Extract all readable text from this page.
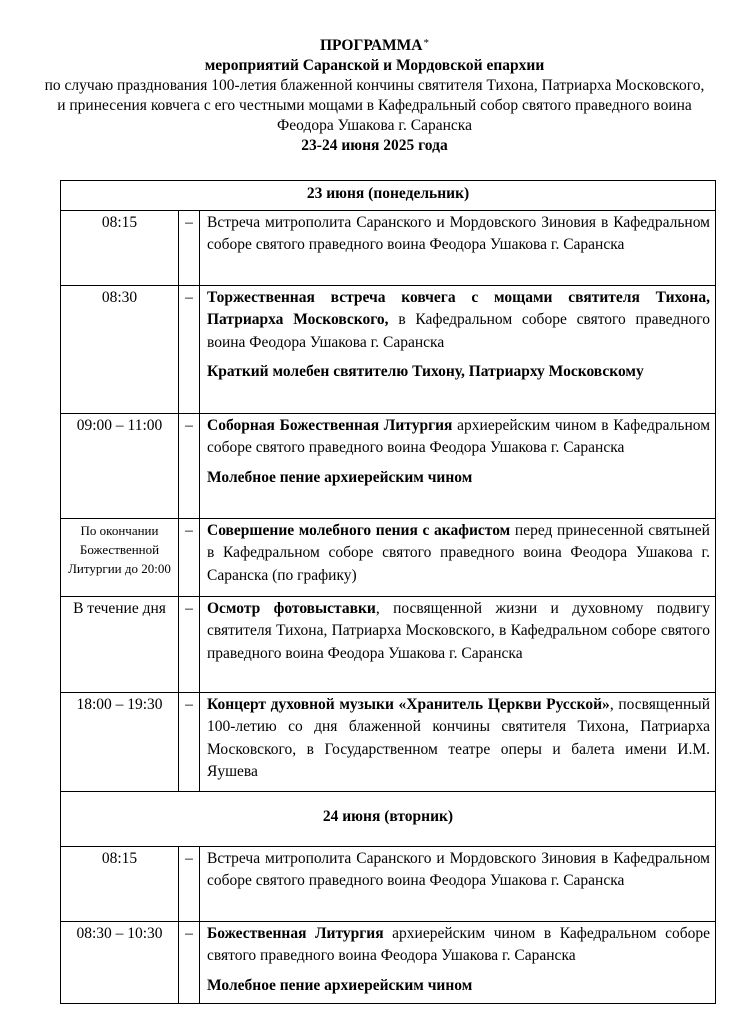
ПРОГРАММА*
мероприятий Саранской и Мордовской епархии
по случаю празднования 100-летия блаженной кончины святителя Тихона, Патриарха Московского, и принесения ковчега с его честными мощами в Кафедральный собор святого праведного воина Феодора Ушакова г. Саранска
23-24 июня 2025 года
23 июня (понедельник)		
08:15	–	Встреча митрополита Саранского и Мордовского Зиновия в Кафедральном соборе святого праведного воина Феодора Ушакова г. Саранска

08:30	–	Торжественная встреча ковчега с мощами святителя Тихона, Патриарха Московского, в Кафедральном соборе святого праведного воина Феодора Ушакова г. Саранска

Краткий молебен святителю Тихону, Патриарху Московскому

09:00 – 11:00	–	Соборная Божественная Литургия архиерейским чином в Кафедральном соборе святого праведного воина Феодора Ушакова г. Саранска

Молебное пение архиерейским чином

По окончании Божественной Литургии до 20:00	–	Совершение молебного пения с акафистом перед принесенной святыней в Кафедральном соборе святого праведного воина Феодора Ушакова г. Саранска (по графику)

В течение дня	–	Осмотр фотовыставки, посвященной жизни и духовному подвигу святителя Тихона, Патриарха Московского, в Кафедральном соборе святого праведного воина Феодора Ушакова г. Саранска

18:00 – 19:30	–	Концерт духовной музыки «Хранитель Церкви Русской», посвященный 100-летию со дня блаженной кончины святителя Тихона, Патриарха Московского, в Государственном театре оперы и балета имени И.М. Яушева

24 июня (вторник)		
08:15	–	Встреча митрополита Саранского и Мордовского Зиновия в Кафедральном соборе святого праведного воина Феодора Ушакова г. Саранска

08:30 – 10:30	–	Божественная Литургия архиерейским чином в Кафедральном соборе святого праведного воина Феодора Ушакова г. Саранска

Молебное пение архиерейским чином
